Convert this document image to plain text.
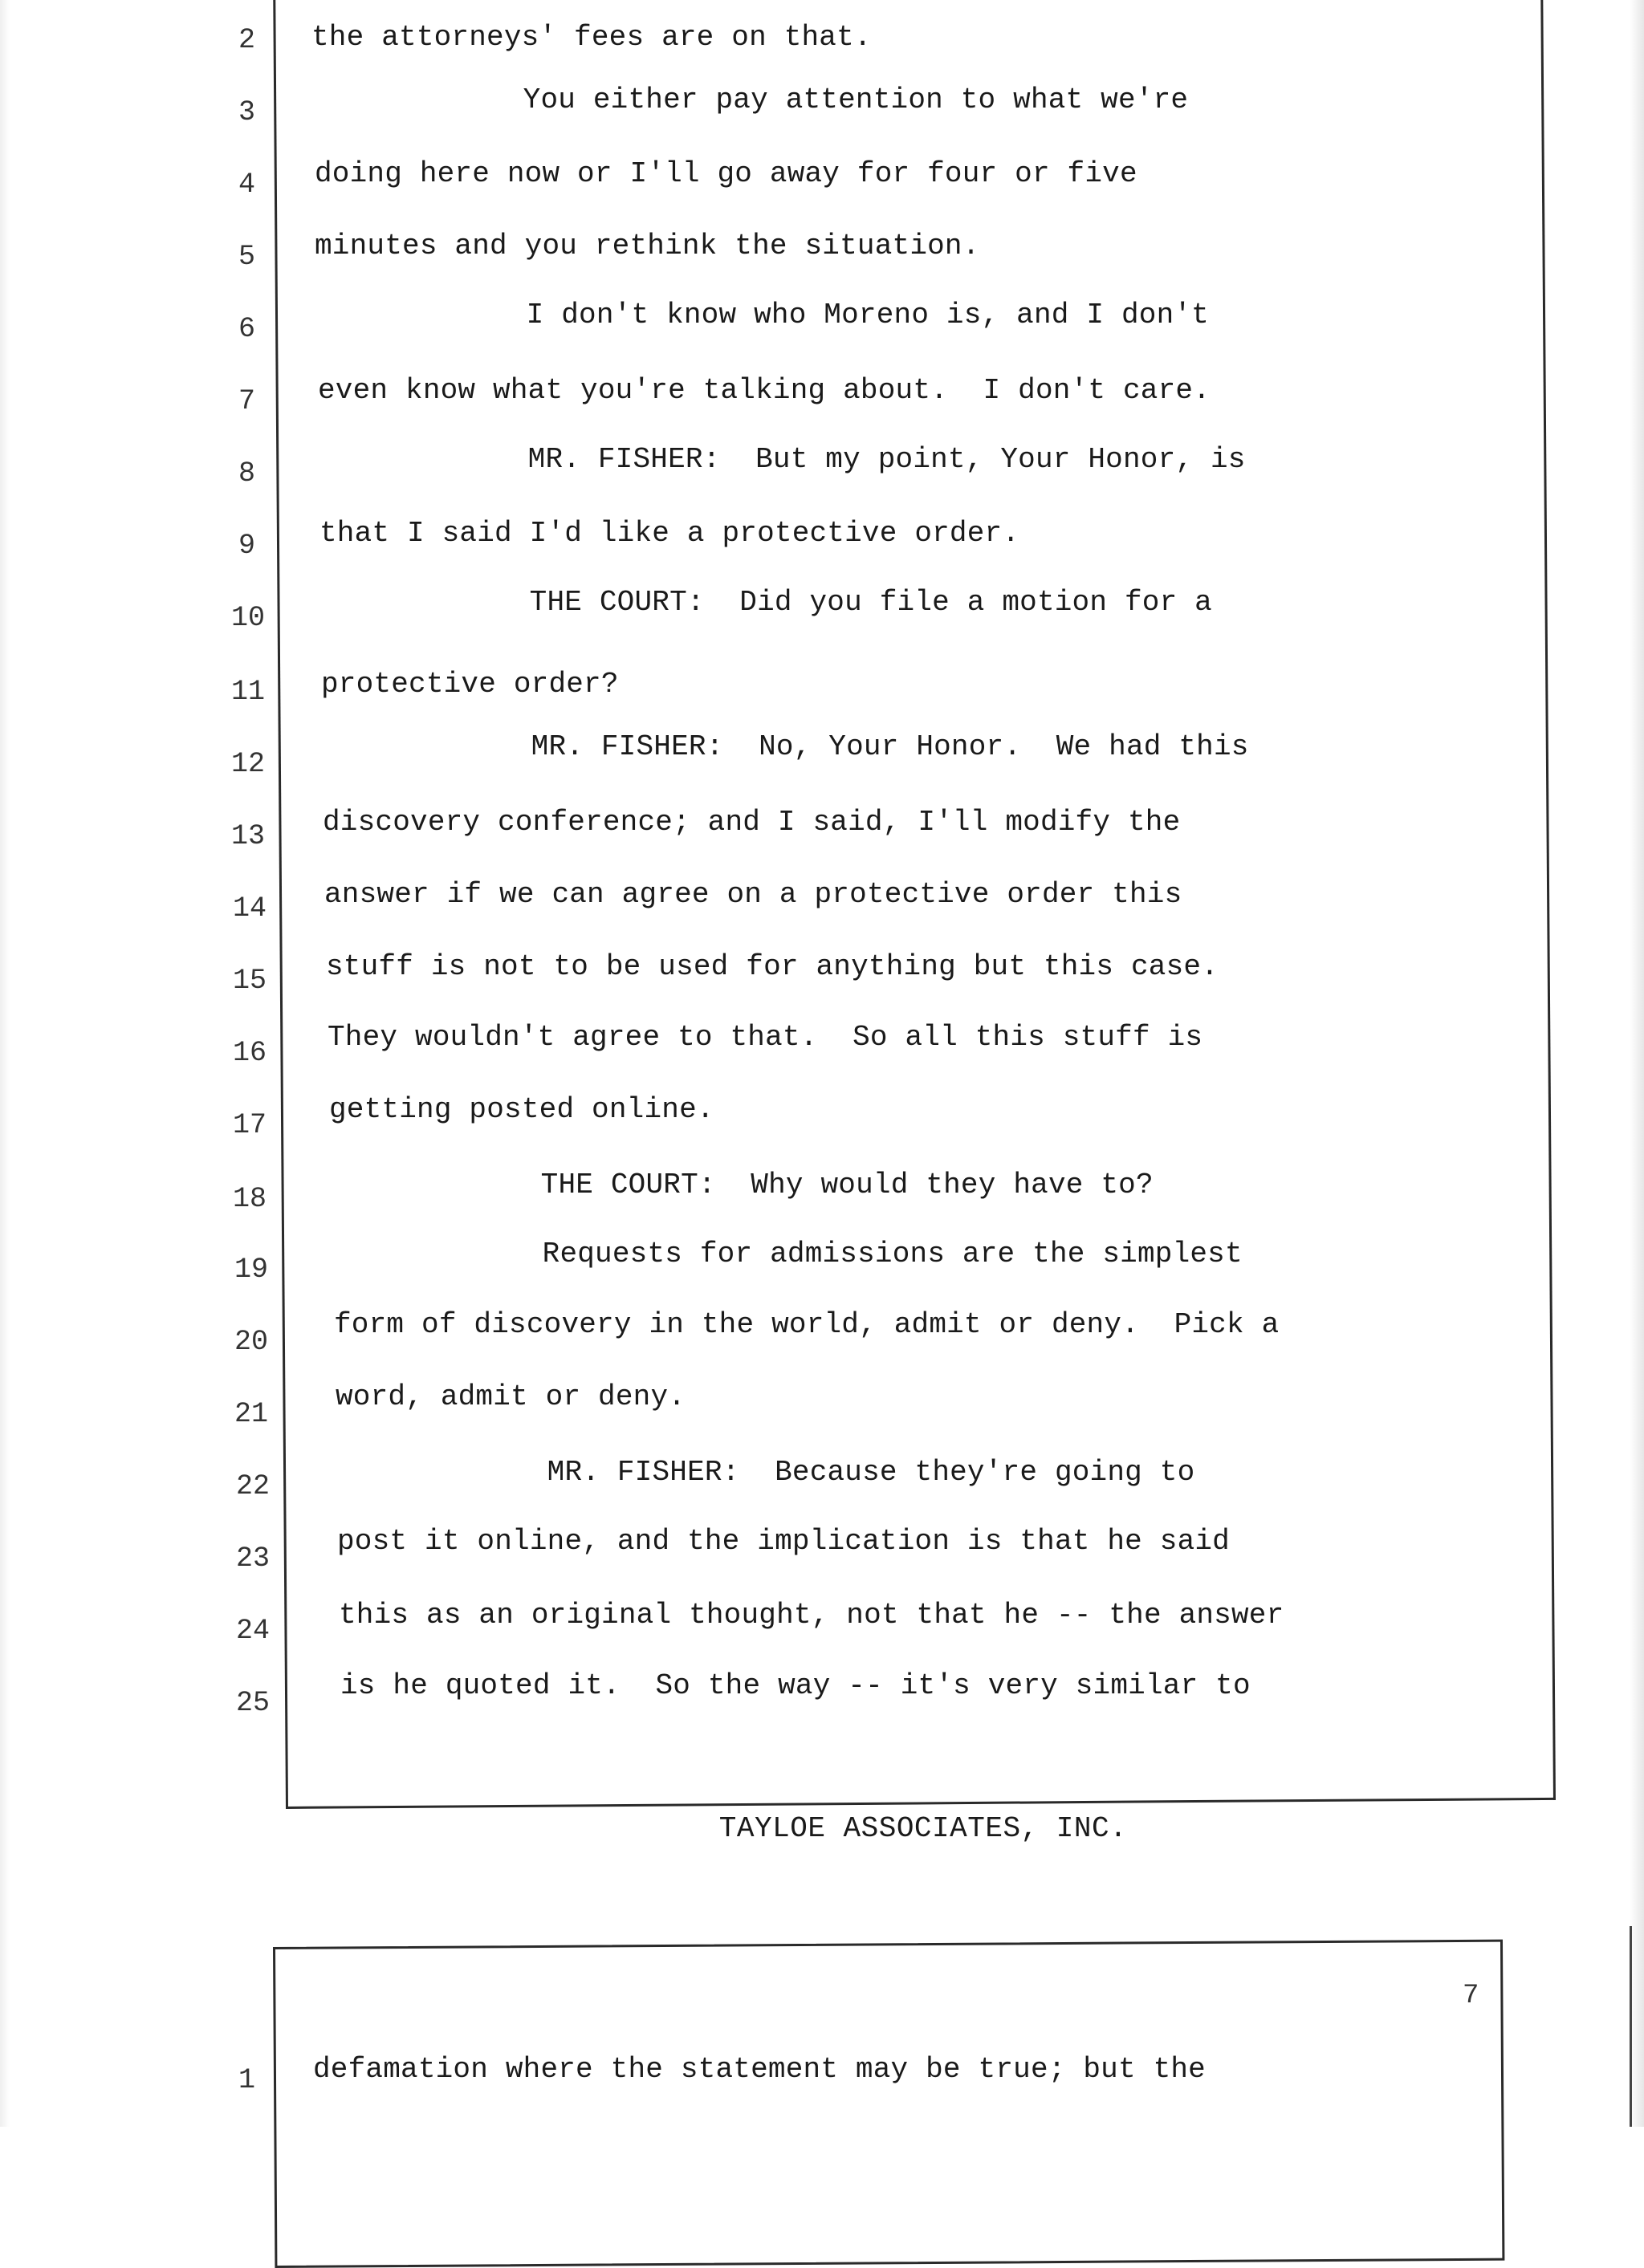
2 the attorneys' fees are on that.
3 You either pay attention to what we're
4 doing here now or I'll go away for four or five
5 minutes and you rethink the situation.
6 I don't know who Moreno is, and I don't
7 even know what you're talking about.  I don't care.
8 MR. FISHER:  But my point, Your Honor, is
9 that I said I'd like a protective order.
10 THE COURT:  Did you file a motion for a
11 protective order?
12
MR. FISHER:  No, Your Honor.  We had this
13 discovery conference; and I said, I'll modify the
14 answer if we can agree on a protective order this
15 stuff is not to be used for anything but this case.
16 They wouldn't agree to that.  So all this stuff is
17 getting posted online.
18 THE COURT:  Why would they have to?
19 Requests for admissions are the simplest
20
form of discovery in the world, admit or deny.  Pick a
21
word, admit or deny.
22 MR. FISHER:  Because they're going to
23
post it online, and the implication is that he said
24 this as an original thought, not that he -- the answer
25
is he quoted it.  So the way -- it's very similar to
TAYLOE ASSOCIATES, INC.
7
1 defamation where the statement may be true; but the
